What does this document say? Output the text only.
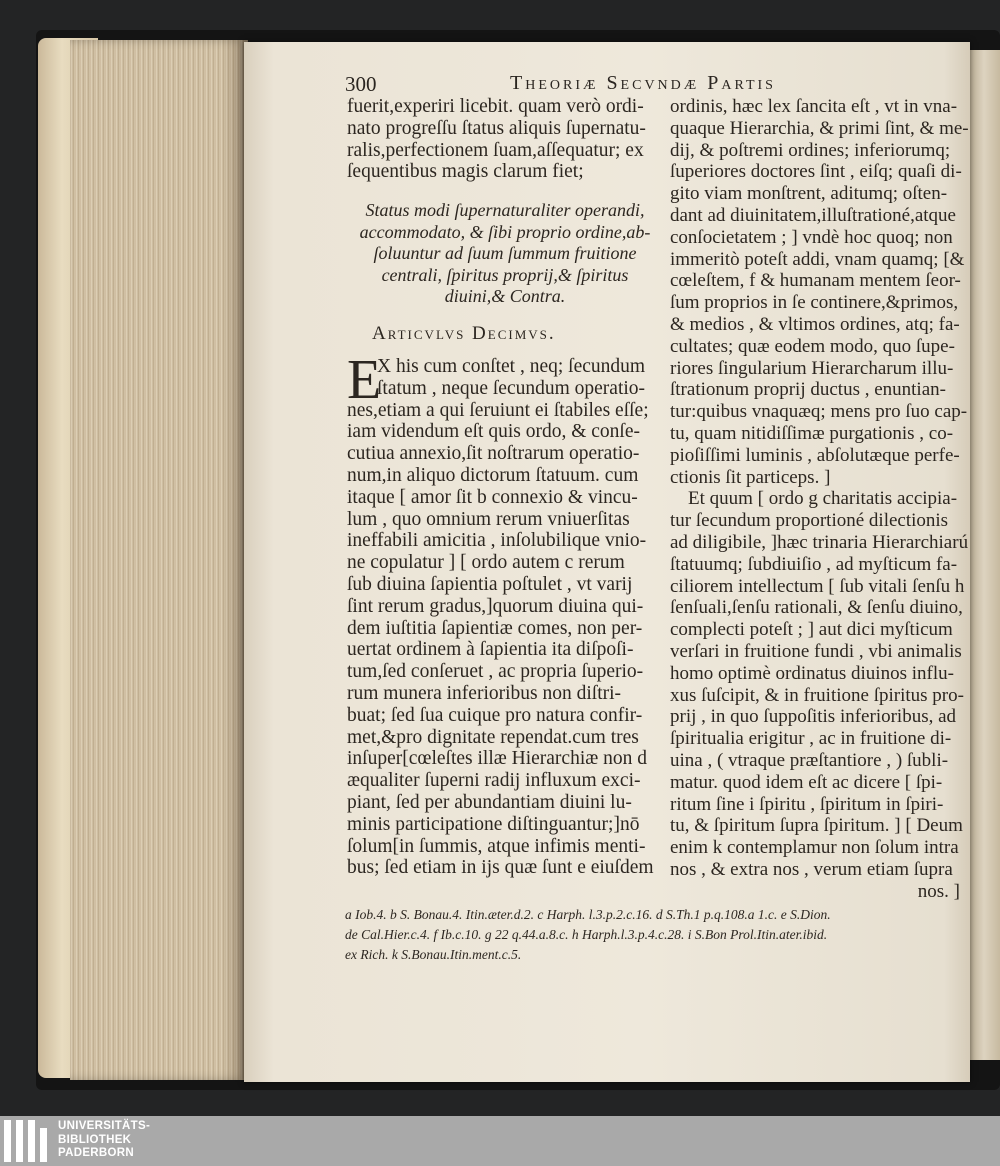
300	Theoriæ Secvndæ Partis
fuerit,experiri licebit. quam verò ordi-
nato progreſſu ſtatus aliquis ſupernatu-
ralis,perfectionem ſuam,aſſequatur; ex
ſequentibus magis clarum fiet;
Status modi ſupernaturaliter operandi,
accommodato, & ſibi proprio ordine,ab-
ſoluuntur ad ſuum ſummum fruitione
centrali, ſpiritus proprij,& ſpiritus
diuini,& Contra.
Articvlvs Decimvs.
E
X his cum conſtet , neq; ſecundum
ſtatum , neque ſecundum operatio-
nes,etiam a qui ſeruiunt ei ſtabiles eſſe;
iam videndum eſt quis ordo, & conſe-
cutiua annexio,ſit noſtrarum operatio-
num,in aliquo dictorum ſtatuum. cum
itaque [ amor ſit b connexio & vincu-
lum , quo omnium rerum vniuerſitas
ineffabili amicitia , inſolubilique vnio-
ne copulatur ] [ ordo autem c rerum
ſub diuina ſapientia poſtulet , vt varij
ſint rerum gradus,]quorum diuina qui-
dem iuſtitia ſapientiæ comes, non per-
uertat ordinem à ſapientia ita diſpoſi-
tum,ſed conſeruet , ac propria ſuperio-
rum munera inferioribus non diſtri-
buat; ſed ſua cuique pro natura confir-
met,&pro dignitate rependat.cum tres
inſuper[cœleſtes illæ Hierarchiæ non d
æqualiter ſuperni radij influxum exci-
piant, ſed per abundantiam diuini lu-
minis participatione diſtinguantur;]nō
ſolum[in ſummis, atque infimis menti-
bus; ſed etiam in ijs quæ ſunt e eiuſdem
ordinis, hæc lex ſancita eſt , vt in vna-
quaque Hierarchia, & primi ſint, & me-
dij, & poſtremi ordines; inferiorumq;
ſuperiores doctores ſint , eiſq; quaſi di-
gito viam monſtrent, aditumq; oſten-
dant ad diuinitatem,illuſtrationé,atque
conſocietatem ; ] vndè hoc quoq; non
immeritò poteſt addi, vnam quamq; [&
cœleſtem, f & humanam mentem ſeor-
ſum proprios in ſe continere,&primos,
& medios , & vltimos ordines, atq; fa-
cultates; quæ eodem modo, quo ſupe-
riores ſingularium Hierarcharum illu-
ſtrationum proprij ductus , enuntian-
tur:quibus vnaquæq; mens pro ſuo cap-
tu, quam nitidiſſimæ purgationis , co-
pioſiſſimi luminis , abſolutæque perfe-
ctionis ſit particeps. ]
Et quum [ ordo g charitatis accipia-
tur ſecundum proportioné dilectionis
ad diligibile, ]hæc trinaria Hierarchiarú
ſtatuumq; ſubdiuiſio , ad myſticum fa-
ciliorem intellectum [ ſub vitali ſenſu h
ſenſuali,ſenſu rationali, & ſenſu diuino,
complecti poteſt ; ] aut dici myſticum
verſari in fruitione fundi , vbi animalis
homo optimè ordinatus diuinos influ-
xus ſuſcipit, & in fruitione ſpiritus pro-
prij , in quo ſuppoſitis inferioribus, ad
ſpiritualia erigitur , ac in fruitione di-
uina , ( vtraque præſtantiore , ) ſubli-
matur. quod idem eſt ac dicere [ ſpi-
ritum ſine i ſpiritu , ſpiritum in ſpiri-
tu, & ſpiritum ſupra ſpiritum. ] [ Deum
enim k contemplamur non ſolum intra
nos , & extra nos , verum etiam ſupra
nos. ]
a Iob.4. b S. Bonau.4. Itin.æter.d.2. c Harph. l.3.p.2.c.16. d S.Th.1 p.q.108.a 1.c. e S.Dion.
de Cal.Hier.c.4. f Ib.c.10. g 22 q.44.a.8.c. h Harph.l.3.p.4.c.28. i S.Bon Prol.Itin.ater.ibid.
ex Rich. k S.Bonau.Itin.ment.c.5.
UNIVERSITÄTS-
BIBLIOTHEK
PADERBORN
